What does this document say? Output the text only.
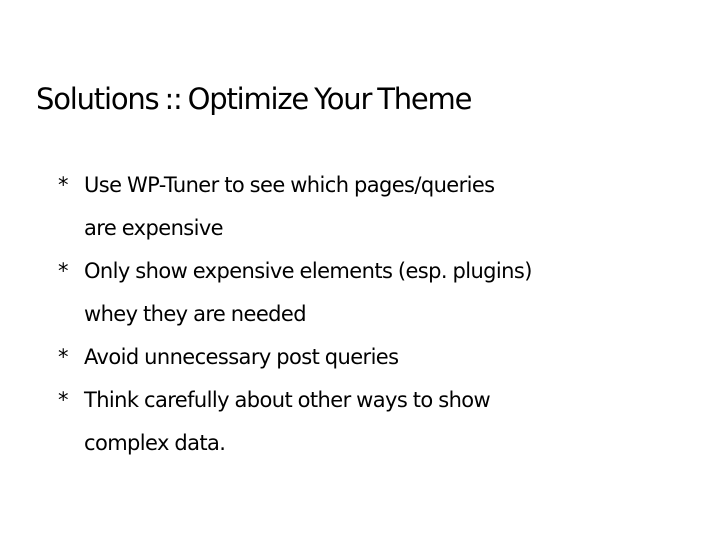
Solutions :: Optimize Your Theme
* Use WP-Tuner to see which pages/queries
are expensive
* Only show expensive elements (esp. plugins)
whey they are needed
* Avoid unnecessary post queries
* Think carefully about other ways to show
complex data.
